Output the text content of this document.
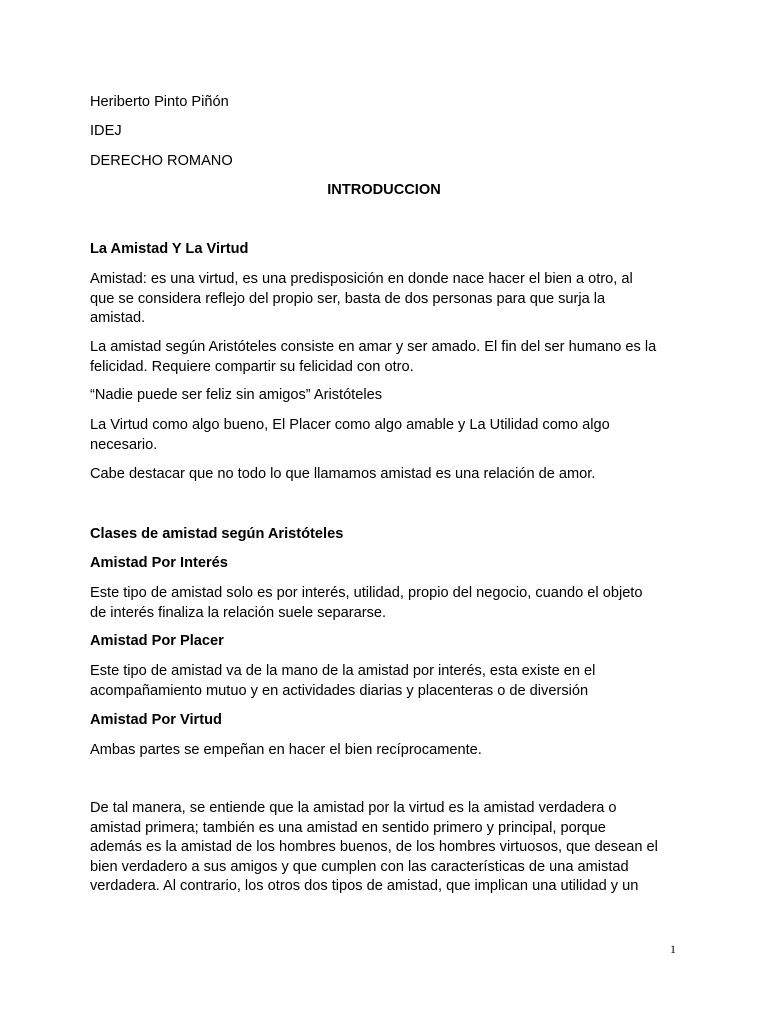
Heriberto Pinto Piñón
IDEJ
DERECHO ROMANO
INTRODUCCION
La Amistad Y La Virtud
Amistad: es una virtud, es una predisposición en donde nace hacer el bien a otro, al
que se considera reflejo del propio ser, basta de dos personas para que surja la
amistad.
La amistad según Aristóteles consiste en amar y ser amado. El fin del ser humano es la
felicidad. Requiere compartir su felicidad con otro.
“Nadie puede ser feliz sin amigos” Aristóteles
La Virtud como algo bueno, El Placer como algo amable y La Utilidad como algo
necesario.
Cabe destacar que no todo lo que llamamos amistad es una relación de amor.
Clases de amistad según Aristóteles
Amistad Por Interés
Este tipo de amistad solo es por interés, utilidad, propio del negocio, cuando el objeto
de interés finaliza la relación suele separarse.
Amistad Por Placer
Este tipo de amistad va de la mano de la amistad por interés, esta existe en el
acompañamiento mutuo y en actividades diarias y placenteras o de diversión
Amistad Por Virtud
Ambas partes se empeñan en hacer el bien recíprocamente.
De tal manera, se entiende que la amistad por la virtud es la amistad verdadera o
amistad primera; también es una amistad en sentido primero y principal, porque
además es la amistad de los hombres buenos, de los hombres virtuosos, que desean el
bien verdadero a sus amigos y que cumplen con las características de una amistad
verdadera. Al contrario, los otros dos tipos de amistad, que implican una utilidad y un
1
